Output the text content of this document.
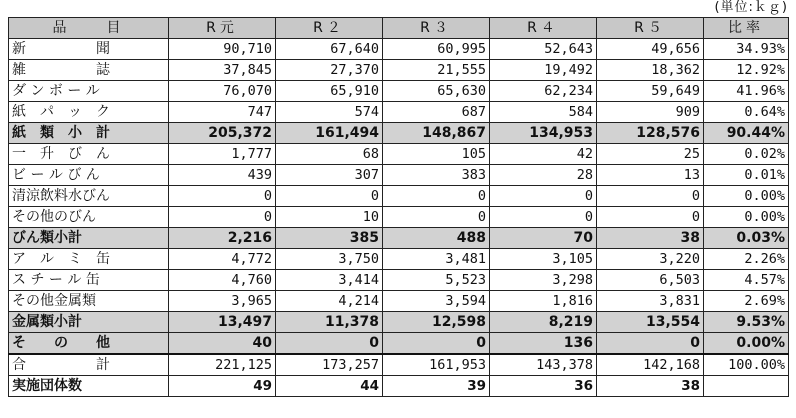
(単位:ｋｇ)
品　　目	R元	R２	R３	R４	R５	比率
新　　　　　聞	90,710	67,640	60,995	52,643	49,656	34.93%
雑　　　　　誌	37,845	27,370	21,555	19,492	18,362	12.92%
ダ ン ボ ー ル	76,070	65,910	65,630	62,234	59,649	41.96%
紙　パ　ッ　ク	747	574	687	584	909	0.64%
紙　類　小　計	205,372	161,494	148,867	134,953	128,576	90.44%
一　升　び　ん	1,777	68	105	42	25	0.02%
ビ ー ル び ん	439	307	383	28	13	0.01%
清涼飲料水びん	0	0	0	0	0	0.00%
その他のびん	0	10	0	0	0	0.00%
びん類小計	2,216	385	488	70	38	0.03%
ア　ル　ミ　缶	4,772	3,750	3,481	3,105	3,220	2.26%
ス チ ー ル 缶	4,760	3,414	5,523	3,298	6,503	4.57%
その他金属類	3,965	4,214	3,594	1,816	3,831	2.69%
金属類小計	13,497	11,378	12,598	8,219	13,554	9.53%
そ　　の　　他	40	0	0	136	0	0.00%
合　　　　　計	221,125	173,257	161,953	143,378	142,168	100.00%
実施団体数	49	44	39	36	38	
